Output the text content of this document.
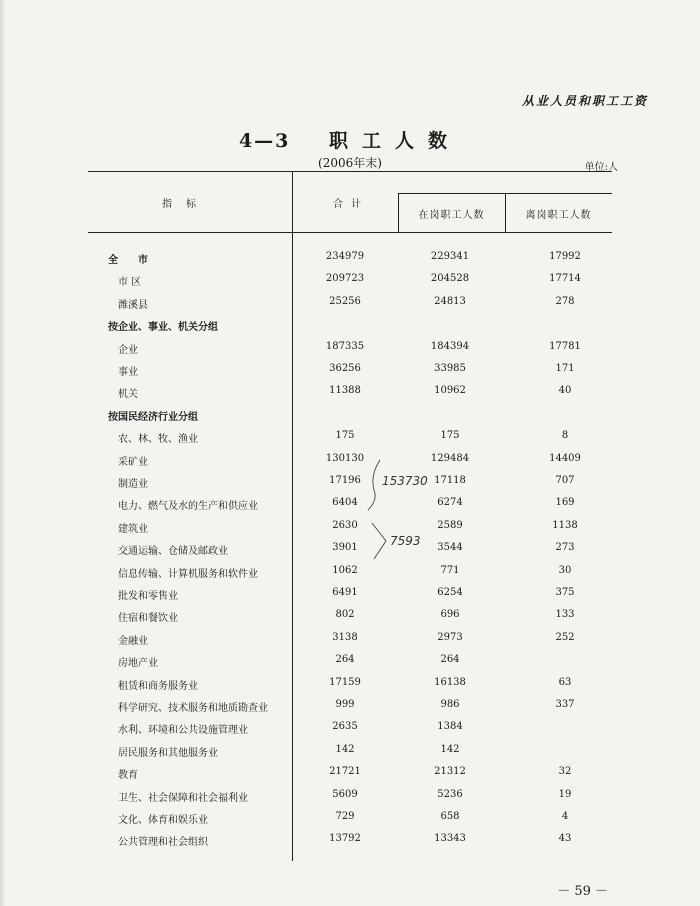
从业人员和职工工资
4—3 职工人数
(2006年末)	单位:人
指标	合计
在岗职工人数	离岗职工人数
全　　市	234979	229341	17992
市 区	209723	204528	17714
潍溪县	25256	24813	278
按企业、事业、机关分组
企业	187335	184394	17781
事业	36256	33985	171
机关	11388	10962	40
按国民经济行业分组
农、林、牧、渔业	175	175	8
采矿业	130130	129484	14409
制造业	17196	17118	707
电力、燃气及水的生产和供应业	6404	6274	169
建筑业	2630	2589	1138
交通运输、仓储及邮政业	3901	3544	273
信息传输、计算机服务和软件业	1062	771	30
批发和零售业	6491	6254	375
住宿和餐饮业	802	696	133
金融业	3138	2973	252
房地产业	264	264
租赁和商务服务业	17159	16138	63
科学研究、技术服务和地质勘查业	999	986	337
水利、环境和公共设施管理业	2635	1384
居民服务和其他服务业	142	142
教育	21721	21312	32
卫生、社会保障和社会福利业	5609	5236	19
文化、体育和娱乐业	729	658	4
公共管理和社会组织	13792	13343	43
153730
7593
－ 59 －
